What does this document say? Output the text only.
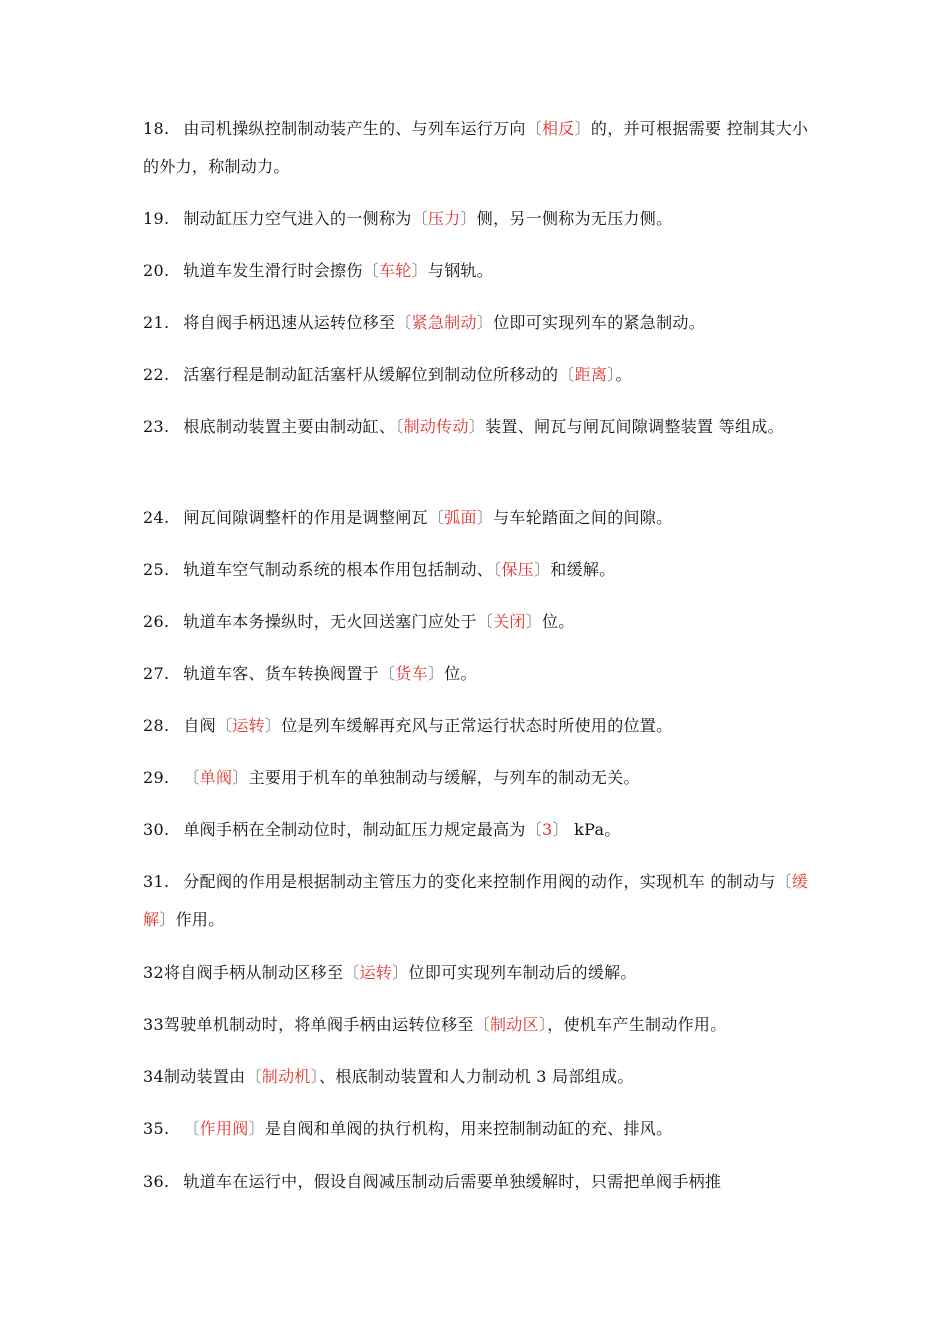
18. 由司机操纵控制制动装产生的、与列车运行万向〔相反〕的，并可根据需要 控制其大小的外力，称制动力。
19. 制动缸压力空气进入的一侧称为〔压力〕侧，另一侧称为无压力侧。
20. 轨道车发生滑行时会擦伤〔车轮〕与钢轨。
21. 将自阀手柄迅速从运转位移至〔紧急制动〕位即可实现列车的紧急制动。
22. 活塞行程是制动缸活塞杆从缓解位到制动位所移动的〔距离〕。
23. 根底制动装置主要由制动缸、〔制动传动〕装置、闸瓦与闸瓦间隙调整装置 等组成。
24. 闸瓦间隙调整杆的作用是调整闸瓦〔弧面〕与车轮踏面之间的间隙。
25. 轨道车空气制动系统的根本作用包括制动、〔保压〕和缓解。
26. 轨道车本务操纵时，无火回送塞门应处于〔关闭〕位。
27. 轨道车客、货车转换阀置于〔货车〕位。
28. 自阀〔运转〕位是列车缓解再充风与正常运行状态时所使用的位置。
29. 〔单阀〕主要用于机车的单独制动与缓解，与列车的制动无关。
30. 单阀手柄在全制动位时，制动缸压力规定最高为〔3〕 kPa。
31. 分配阀的作用是根据制动主管压力的变化来控制作用阀的动作，实现机车 的制动与〔缓解〕作用。
32将自阀手柄从制动区移至〔运转〕位即可实现列车制动后的缓解。
33驾驶单机制动时，将单阀手柄由运转位移至〔制动区〕，使机车产生制动作用。
34制动装置由〔制动机〕、根底制动装置和人力制动机 3 局部组成。
35. 〔作用阀〕是自阀和单阀的执行机构，用来控制制动缸的充、排风。
36. 轨道车在运行中，假设自阀减压制动后需要单独缓解时，只需把单阀手柄推
